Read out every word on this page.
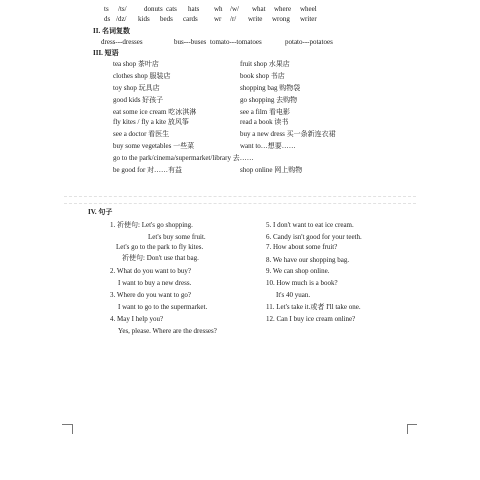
ts /ts/ donuts cats hats wh /w/ what where wheel
ds /dz/ kids beds cards wr /r/ write wrong writer
II. 名词复数
dress---dresses	bus---buses tomato---tomatoes	potato---potatoes
III. 短语
tea shop 茶叶店
clothes shop 服装店
toy shop 玩具店
good kids 好孩子
eat some ice cream 吃冰淇淋
fly kites / fly a kite 放风筝
see a doctor 看医生
buy some vegetables 一些菜
go to the park/cinema/supermarket/library 去……
be good for 对……有益
fruit shop 水果店
book shop 书店
shopping bag 购物袋
go shopping 去购物
see a film 看电影
read a book 读书
buy a new dress 买一条新连衣裙
want to…想要……
shop online 网上购物
IV. 句子
1. 祈使句: Let's go shopping.
Let's buy some fruit.
Let's go to the park to fly kites.
祈使句: Don't use that bag.
2. What do you want to buy?
I want to buy a new dress.
3. Where do you want to go?
I want to go to the supermarket.
4. May I help you?
Yes, please. Where are the dresses?
5. I don't want to eat ice cream.
6. Candy isn't good for your teeth.
7. How about some fruit?
8. We have our shopping bag.
9. We can shop online.
10. How much is a book?
It's 40 yuan.
11. Let's take it.或者 I'll take one.
12. Can I buy ice cream online?
